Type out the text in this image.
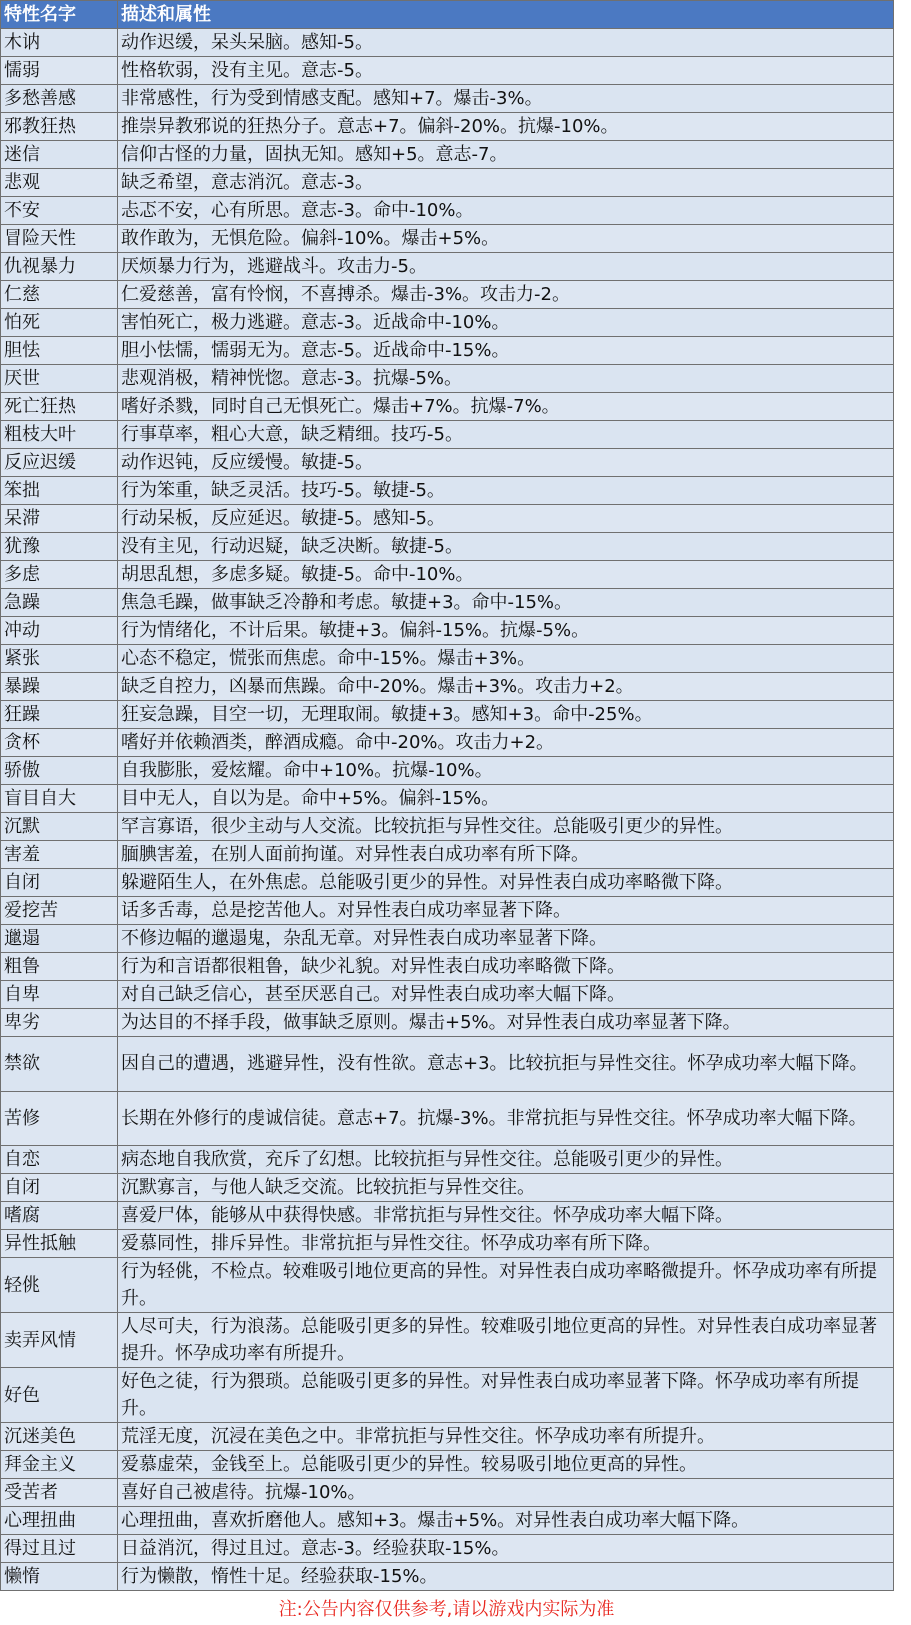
特性名字	描述和属性
木讷	动作迟缓，呆头呆脑。感知-5。
懦弱	性格软弱，没有主见。意志-5。
多愁善感	非常感性，行为受到情感支配。感知+7。爆击-3%。
邪教狂热	推崇异教邪说的狂热分子。意志+7。偏斜-20%。抗爆-10%。
迷信	信仰古怪的力量，固执无知。感知+5。意志-7。
悲观	缺乏希望，意志消沉。意志-3。
不安	忐忑不安，心有所思。意志-3。命中-10%。
冒险天性	敢作敢为，无惧危险。偏斜-10%。爆击+5%。
仇视暴力	厌烦暴力行为，逃避战斗。攻击力-5。
仁慈	仁爱慈善，富有怜悯，不喜搏杀。爆击-3%。攻击力-2。
怕死	害怕死亡，极力逃避。意志-3。近战命中-10%。
胆怯	胆小怯懦，懦弱无为。意志-5。近战命中-15%。
厌世	悲观消极，精神恍惚。意志-3。抗爆-5%。
死亡狂热	嗜好杀戮，同时自己无惧死亡。爆击+7%。抗爆-7%。
粗枝大叶	行事草率，粗心大意，缺乏精细。技巧-5。
反应迟缓	动作迟钝，反应缓慢。敏捷-5。
笨拙	行为笨重，缺乏灵活。技巧-5。敏捷-5。
呆滞	行动呆板，反应延迟。敏捷-5。感知-5。
犹豫	没有主见，行动迟疑，缺乏决断。敏捷-5。
多虑	胡思乱想，多虑多疑。敏捷-5。命中-10%。
急躁	焦急毛躁，做事缺乏冷静和考虑。敏捷+3。命中-15%。
冲动	行为情绪化，不计后果。敏捷+3。偏斜-15%。抗爆-5%。
紧张	心态不稳定，慌张而焦虑。命中-15%。爆击+3%。
暴躁	缺乏自控力，凶暴而焦躁。命中-20%。爆击+3%。攻击力+2。
狂躁	狂妄急躁，目空一切，无理取闹。敏捷+3。感知+3。命中-25%。
贪杯	嗜好并依赖酒类，醉酒成瘾。命中-20%。攻击力+2。
骄傲	自我膨胀，爱炫耀。命中+10%。抗爆-10%。
盲目自大	目中无人，自以为是。命中+5%。偏斜-15%。
沉默	罕言寡语，很少主动与人交流。比较抗拒与异性交往。总能吸引更少的异性。
害羞	腼腆害羞，在别人面前拘谨。对异性表白成功率有所下降。
自闭	躲避陌生人，在外焦虑。总能吸引更少的异性。对异性表白成功率略微下降。
爱挖苦	话多舌毒，总是挖苦他人。对异性表白成功率显著下降。
邋遢	不修边幅的邋遢鬼，杂乱无章。对异性表白成功率显著下降。
粗鲁	行为和言语都很粗鲁，缺少礼貌。对异性表白成功率略微下降。
自卑	对自己缺乏信心，甚至厌恶自己。对异性表白成功率大幅下降。
卑劣	为达目的不择手段，做事缺乏原则。爆击+5%。对异性表白成功率显著下降。
禁欲	因自己的遭遇，逃避异性，没有性欲。意志+3。比较抗拒与异性交往。怀孕成功率大幅下降。
苦修	长期在外修行的虔诚信徒。意志+7。抗爆-3%。非常抗拒与异性交往。怀孕成功率大幅下降。
自恋	病态地自我欣赏，充斥了幻想。比较抗拒与异性交往。总能吸引更少的异性。
自闭	沉默寡言，与他人缺乏交流。比较抗拒与异性交往。
嗜腐	喜爱尸体，能够从中获得快感。非常抗拒与异性交往。怀孕成功率大幅下降。
异性抵触	爱慕同性，排斥异性。非常抗拒与异性交往。怀孕成功率有所下降。
轻佻	行为轻佻，不检点。较难吸引地位更高的异性。对异性表白成功率略微提升。怀孕成功率有所提升。
卖弄风情	人尽可夫，行为浪荡。总能吸引更多的异性。较难吸引地位更高的异性。对异性表白成功率显著提升。怀孕成功率有所提升。
好色	好色之徒，行为猥琐。总能吸引更多的异性。对异性表白成功率显著下降。怀孕成功率有所提升。
沉迷美色	荒淫无度，沉浸在美色之中。非常抗拒与异性交往。怀孕成功率有所提升。
拜金主义	爱慕虚荣，金钱至上。总能吸引更少的异性。较易吸引地位更高的异性。
受苦者	喜好自己被虐待。抗爆-10%。
心理扭曲	心理扭曲，喜欢折磨他人。感知+3。爆击+5%。对异性表白成功率大幅下降。
得过且过	日益消沉，得过且过。意志-3。经验获取-15%。
懒惰	行为懒散，惰性十足。经验获取-15%。
注:公告内容仅供参考,请以游戏内实际为准
